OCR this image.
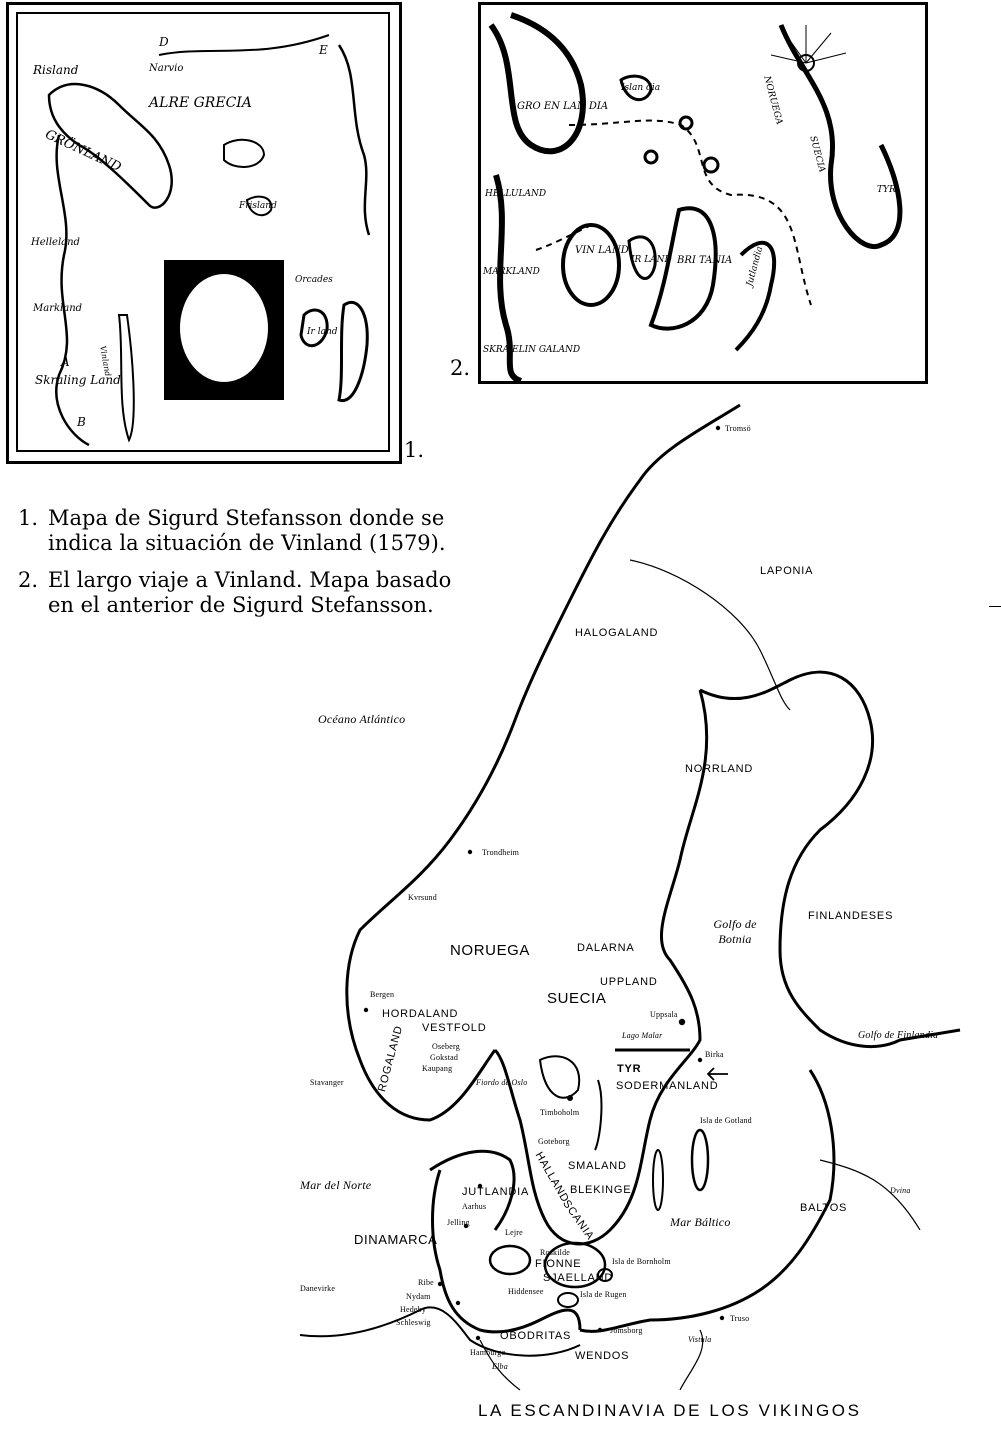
Risland
D
E
Narvio
ALRE GRECIA
GRÖNLAND
Helleland
Markland
Skraling Land
A
B
Vinland
Frisland
Orcades
Ir land
1.
GRO EN LAN DIA
Islan dia
HELLULAND
MARKLAND
VIN LAND
IR LAND BRI TANIA Jutlandia
SKRA ELIN GALAND
NORUEGA
SUECIA
TYR
2.
1. Mapa de Sigurd Stefansson donde se indica la situación de Vinland (1579).
2. El largo viaje a Vinland. Mapa basado en el anterior de Sigurd Stefansson.
LAPONIA
HALOGALAND
NORRLAND
FINLANDESES
NORUEGA	DALARNA
UPPLAND
SUECIA
HORDALAND
VESTFOLD
ROGALAND	SODERMANLAND
TYR
SMALAND
BLEKINGE
HALLAND
SCANIA
JUTLANDIA
DINAMARCA
FIONNE
SJAELLAND
OBODRITAS
WENDOS
BALTOS
Océano Atlántico
Golfo de Botnia
Golfo de Finlandia
Mar del Norte
Mar Báltico
Tromsö
Trondheim
Kvrsund
Bergen
Oseberg
Gokstad
Kaupang
Stavanger
Lago Malar
Birka
Uppsala
Timboholm
Goteborg
Isla de Gotland
Aarhus
Jelling
Lejre
Roskilde
Ribe
Nydam
Hedeby
Schleswig
Hiddensee
Isla de Bornholm
Isla de Rugen
Jomsborg
Hamburgo
Elba
Truso
Vistula
Dvina
Danevirke
Fiordo de Oslo
LA ESCANDINAVIA DE LOS VIKINGOS
